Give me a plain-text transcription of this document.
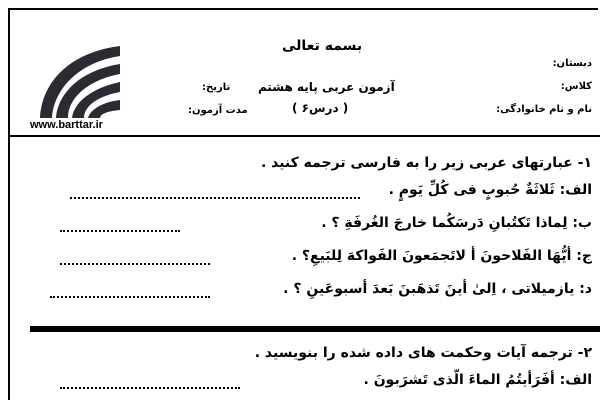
بسمه تعالی
دبستان:
کلاس:
نام و نام خانوادگی:
آزمون عربی پایه هشتم
( درس۶ )
تاریخ:
مدت آزمون:
www.barttar.ir
۱- عبارتهای عربی زیر را به فارسی ترجمه کنید .
الف: ثَلاثَةٌ حُبوبٍ فی کُلِّ یَومٍ .
ب: لِماذا تَکتُبانِ دَرسَکُما خارجَ الغُرفَةِ ؟ .
ج: أیُّهَا الفَلاحونَ أ لاتَجمَعونَ الفَواکهَ لِلبَیعِ؟ .
د: یازمیلاتی ، اِلیٰ أینَ تَذهَبنَ بَعدَ أسبوعَینِ ؟ .
۲- ترجمه آیات وحکمت های داده شده را بنویسید .
الف: أفَرَأیتُمُ الماءَ الّذی تَشرَبونَ .
